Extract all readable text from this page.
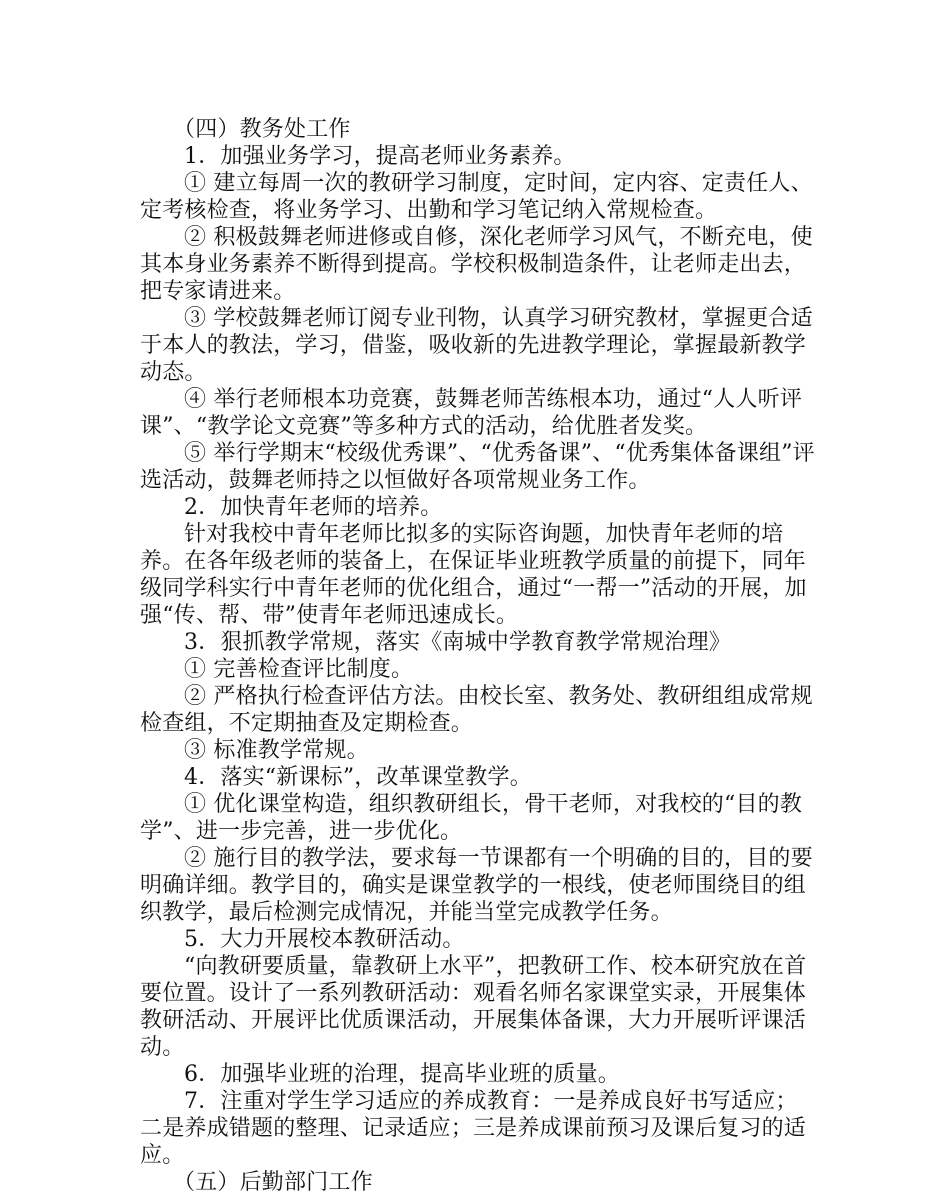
（四）教务处工作

1．加强业务学习，提高老师业务素养。

① 建立每周一次的教研学习制度，定时间，定内容、定责任人、定考核检查，将业务学习、出勤和学习笔记纳入常规检查。

② 积极鼓舞老师进修或自修，深化老师学习风气，不断充电，使其本身业务素养不断得到提高。学校积极制造条件，让老师走出去，把专家请进来。

③ 学校鼓舞老师订阅专业刊物，认真学习研究教材，掌握更合适于本人的教法，学习，借鉴，吸收新的先进教学理论，掌握最新教学动态。

④ 举行老师根本功竞赛，鼓舞老师苦练根本功，通过“人人听评课”、“教学论文竞赛”等多种方式的活动，给优胜者发奖。

⑤ 举行学期末“校级优秀课”、“优秀备课”、“优秀集体备课组”评选活动，鼓舞老师持之以恒做好各项常规业务工作。

2．加快青年老师的培养。

针对我校中青年老师比拟多的实际咨询题，加快青年老师的培养。在各年级老师的装备上，在保证毕业班教学质量的前提下，同年级同学科实行中青年老师的优化组合，通过“一帮一”活动的开展，加强“传、帮、带”使青年老师迅速成长。

3．狠抓教学常规，落实《南城中学教育教学常规治理》

① 完善检查评比制度。

② 严格执行检查评估方法。由校长室、教务处、教研组组成常规检查组，不定期抽查及定期检查。

③ 标准教学常规。

4．落实“新课标”，改革课堂教学。

① 优化课堂构造，组织教研组长，骨干老师，对我校的“目的教学”、进一步完善，进一步优化。

② 施行目的教学法，要求每一节课都有一个明确的目的，目的要明确详细。教学目的，确实是课堂教学的一根线，使老师围绕目的组织教学，最后检测完成情况，并能当堂完成教学任务。

5．大力开展校本教研活动。

“向教研要质量，靠教研上水平”，把教研工作、校本研究放在首要位置。设计了一系列教研活动：观看名师名家课堂实录，开展集体教研活动、开展评比优质课活动，开展集体备课，大力开展听评课活动。

6．加强毕业班的治理，提高毕业班的质量。

7．注重对学生学习适应的养成教育：一是养成良好书写适应；二是养成错题的整理、记录适应；三是养成课前预习及课后复习的适应。

（五）后勤部门工作
